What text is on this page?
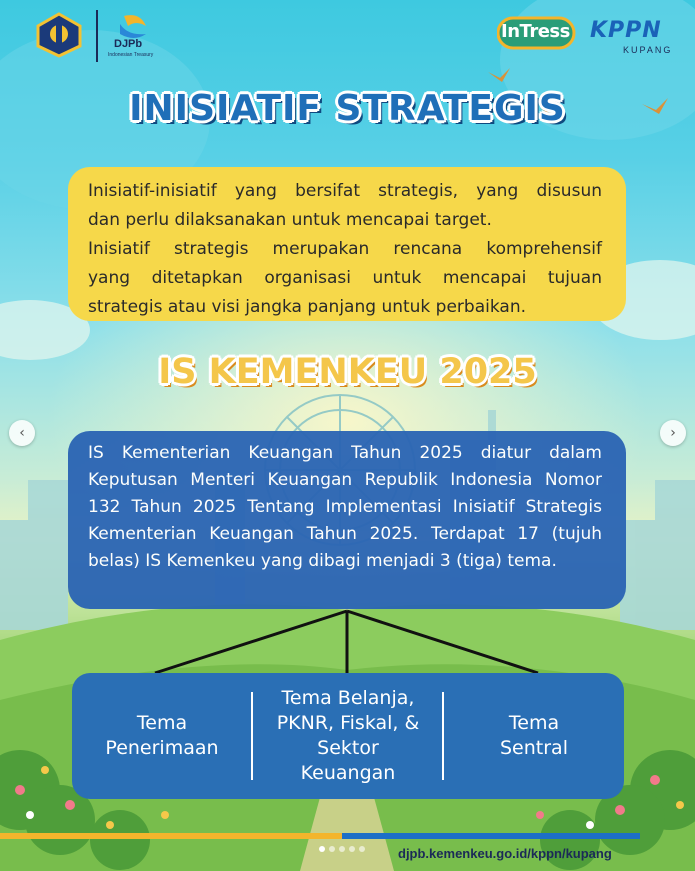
DJPb
Indonesian Treasury
InTress KPPN
KUPANG
INISIATIF STRATEGIS

Inisiatif-inisiatif yang bersifat strategis, yang disusun

dan perlu dilaksanakan untuk mencapai target.

Inisiatif strategis merupakan rencana komprehensif

yang ditetapkan organisasi untuk mencapai tujuan

strategis atau visi jangka panjang untuk perbaikan.

IS KEMENKEU 2025

IS Kementerian Keuangan Tahun 2025 diatur dalam Keputusan Menteri Keuangan Republik Indonesia Nomor 132 Tahun 2025 Tentang Implementasi Inisiatif Strategis Kementerian Keuangan Tahun 2025. Terdapat 17 (tujuh belas) IS Kemenkeu yang dibagi menjadi 3 (tiga) tema.

Tema
Penerimaan
Tema Belanja,
PKNR, Fiskal, &
Sektor
Keuangan
Tema
Sentral
‹	›
djpb.kemenkeu.go.id/kppn/kupang
